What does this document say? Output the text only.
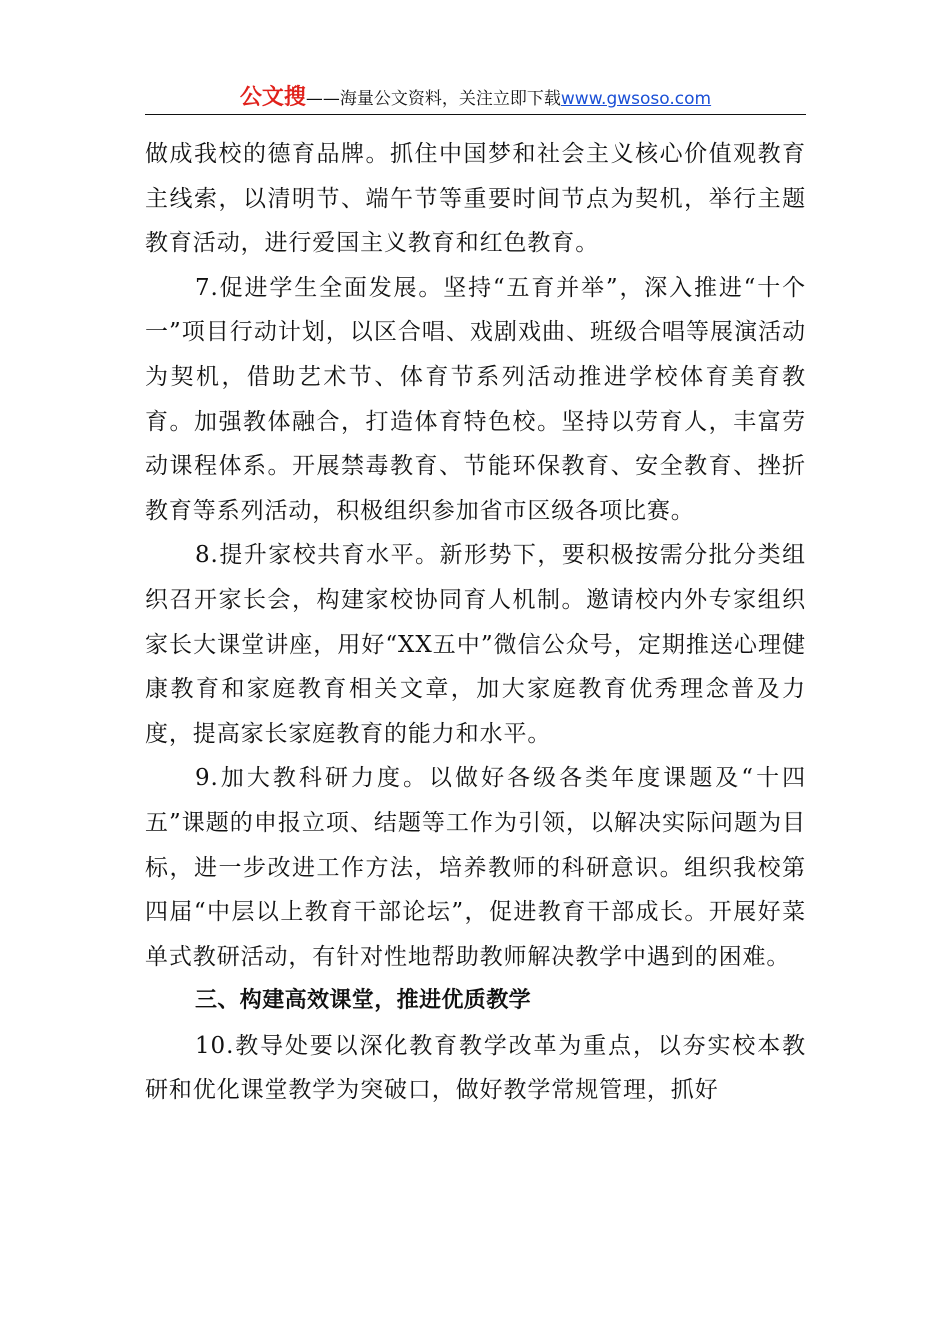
公文搜——海量公文资料，关注立即下载www.gwsoso.com

做成我校的德育品牌。抓住中国梦和社会主义核心价值观教育主线索，以清明节、端午节等重要时间节点为契机，举行主题教育活动，进行爱国主义教育和红色教育。

7.促进学生全面发展。坚持“五育并举”，深入推进“十个一”项目行动计划，以区合唱、戏剧戏曲、班级合唱等展演活动为契机，借助艺术节、体育节系列活动推进学校体育美育教育。加强教体融合，打造体育特色校。坚持以劳育人，丰富劳动课程体系。开展禁毒教育、节能环保教育、安全教育、挫折教育等系列活动，积极组织参加省市区级各项比赛。

8.提升家校共育水平。新形势下，要积极按需分批分类组织召开家长会，构建家校协同育人机制。邀请校内外专家组织家长大课堂讲座，用好“XX五中”微信公众号，定期推送心理健康教育和家庭教育相关文章，加大家庭教育优秀理念普及力度，提高家长家庭教育的能力和水平。

9.加大教科研力度。以做好各级各类年度课题及“十四五”课题的申报立项、结题等工作为引领，以解决实际问题为目标，进一步改进工作方法，培养教师的科研意识。组织我校第四届“中层以上教育干部论坛”，促进教育干部成长。开展好菜单式教研活动，有针对性地帮助教师解决教学中遇到的困难。

三、构建高效课堂，推进优质教学

10.教导处要以深化教育教学改革为重点，以夯实校本教研和优化课堂教学为突破口，做好教学常规管理，抓好
